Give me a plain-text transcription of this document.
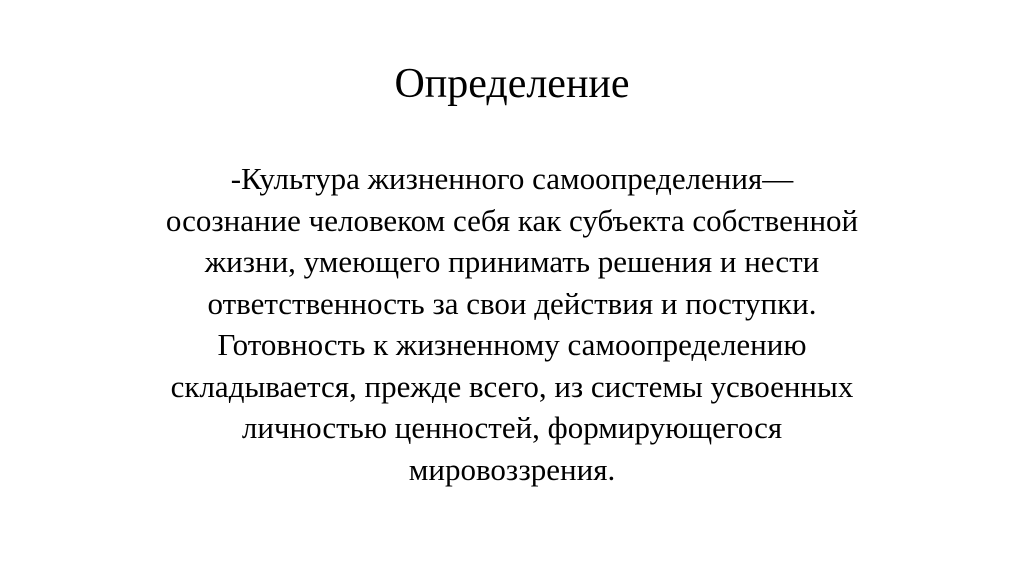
Определение
-Культура жизненного самоопределения—
осознание человеком себя как субъекта собственной
жизни, умеющего принимать решения и нести
ответственность за свои действия и поступки.
Готовность к жизненному самоопределению
складывается, прежде всего, из системы усвоенных
личностью ценностей, формирующегося
мировоззрения.
